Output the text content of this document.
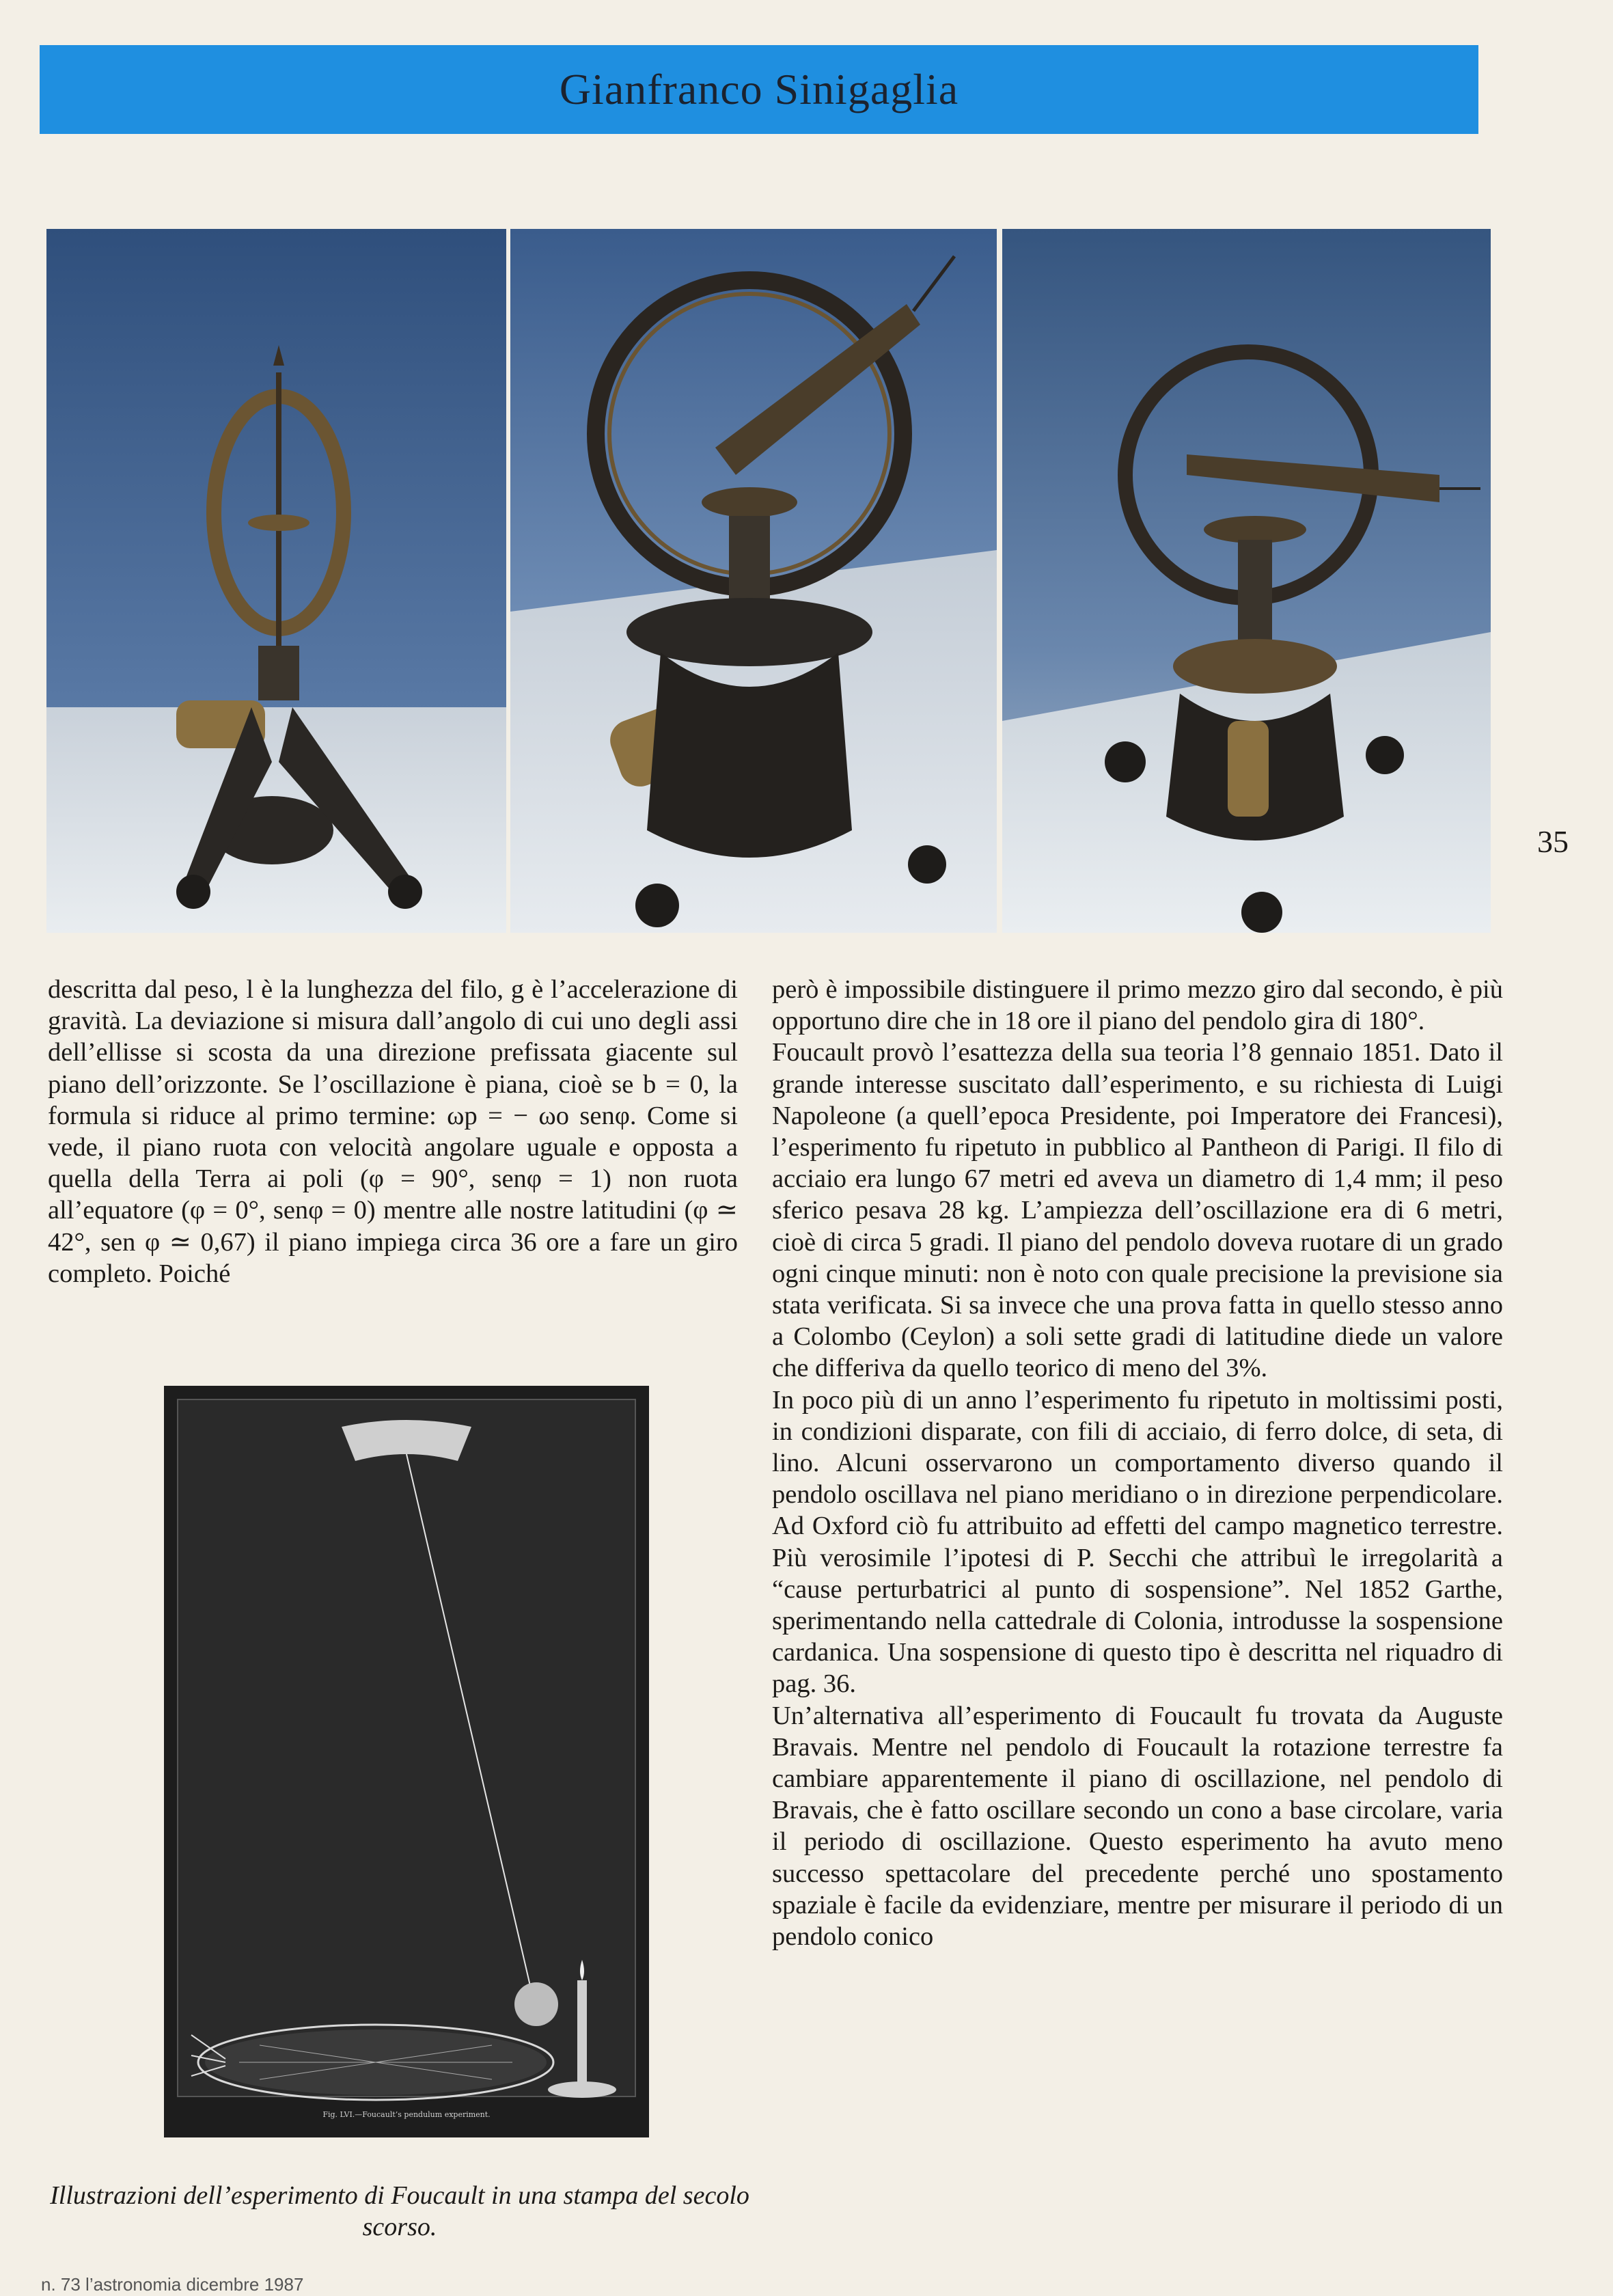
Gianfranco Sinigaglia
35

descritta dal peso, l è la lunghezza del filo, g è l’accelerazione di gravità. La deviazione si misura dall’angolo di cui uno degli assi dell’ellisse si scosta da una direzione prefissata giacente sul piano dell’orizzonte. Se l’oscillazione è piana, cioè se b = 0, la formula si riduce al primo termine: ωp = − ωo senφ. Come si vede, il piano ruota con velocità angolare uguale e opposta a quella della Terra ai poli (φ = 90°, senφ = 1) non ruota all’equatore (φ = 0°, senφ = 0) mentre alle nostre latitudini (φ ≃ 42°, sen φ ≃ 0,67) il piano impiega circa 36 ore a fare un giro completo. Poiché

però è impossibile distinguere il primo mezzo giro dal secondo, è più opportuno dire che in 18 ore il piano del pendolo gira di 180°.

Foucault provò l’esattezza della sua teoria l’8 gennaio 1851. Dato il grande interesse suscitato dall’esperimento, e su richiesta di Luigi Napoleone (a quell’epoca Presidente, poi Imperatore dei Francesi), l’esperimento fu ripetuto in pubblico al Pantheon di Parigi. Il filo di acciaio era lungo 67 metri ed aveva un diametro di 1,4 mm; il peso sferico pesava 28 kg. L’ampiezza dell’oscillazione era di 6 metri, cioè di circa 5 gradi. Il piano del pendolo doveva ruotare di un grado ogni cinque minuti: non è noto con quale precisione la previsione sia stata verificata. Si sa invece che una prova fatta in quello stesso anno a Colombo (Ceylon) a soli sette gradi di latitudine diede un valore che differiva da quello teorico di meno del 3%.

In poco più di un anno l’esperimento fu ripetuto in moltissimi posti, in condizioni disparate, con fili di acciaio, di ferro dolce, di seta, di lino. Alcuni osservarono un comportamento diverso quando il pendolo oscillava nel piano meridiano o in direzione perpendicolare. Ad Oxford ciò fu attribuito ad effetti del campo magnetico terrestre. Più verosimile l’ipotesi di P. Secchi che attribuì le irregolarità a “cause perturbatrici al punto di sospensione”. Nel 1852 Garthe, sperimentando nella cattedrale di Colonia, introdusse la sospensione cardanica. Una sospensione di questo tipo è descritta nel riquadro di pag. 36.

Un’alternativa all’esperimento di Foucault fu trovata da Auguste Bravais. Mentre nel pendolo di Foucault la rotazione terrestre fa cambiare apparentemente il piano di oscillazione, nel pendolo di Bravais, che è fatto oscillare secondo un cono a base circolare, varia il periodo di oscillazione. Questo esperimento ha avuto meno successo spettacolare del precedente perché uno spostamento spaziale è facile da evidenziare, mentre per misurare il periodo di un pendolo conico

Fig. LVI.—Foucault’s pendulum experiment.
Illustrazioni dell’esperimento di Foucault in una stampa del secolo scorso.
n. 73 l’astronomia dicembre 1987
